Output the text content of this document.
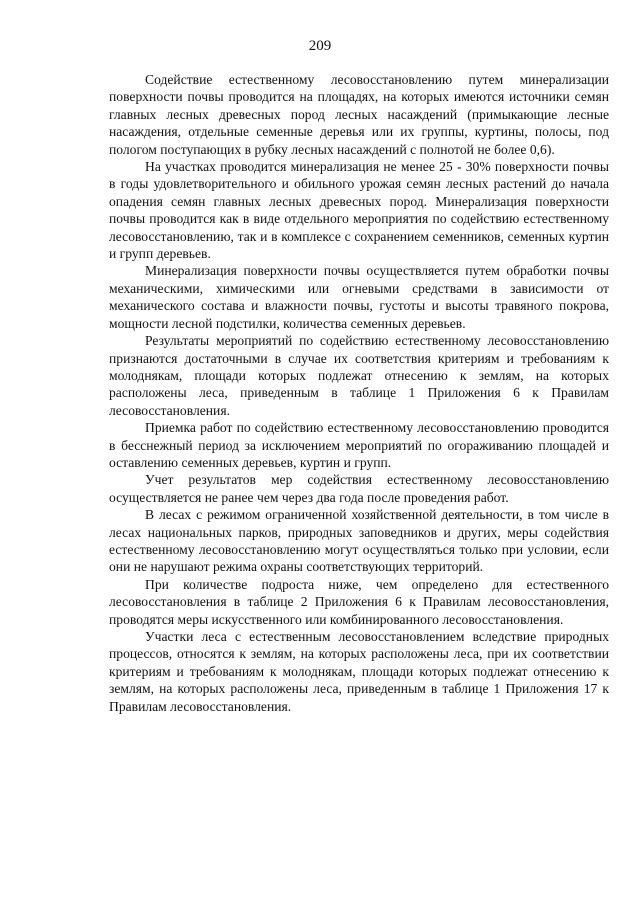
209

Содействие естественному лесовосстановлению путем минерализации поверхности почвы проводится на площадях, на которых имеются источники семян главных лесных древесных пород лесных насаждений (примыкающие лесные насаждения, отдельные семенные деревья или их группы, куртины, полосы, под пологом поступающих в рубку лесных насаждений с полнотой не более 0,6).

На участках проводится минерализация не менее 25 - 30% поверхности почвы в годы удовлетворительного и обильного урожая семян лесных растений до начала опадения семян главных лесных древесных пород. Минерализация поверхности почвы проводится как в виде отдельного мероприятия по содействию естественному лесовосстановлению, так и в комплексе с сохранением семенников, семенных куртин и групп деревьев.

Минерализация поверхности почвы осуществляется путем обработки почвы механическими, химическими или огневыми средствами в зависимости от механического состава и влажности почвы, густоты и высоты травяного покрова, мощности лесной подстилки, количества семенных деревьев.

Результаты мероприятий по содействию естественному лесовосстановлению признаются достаточными в случае их соответствия критериям и требованиям к молоднякам, площади которых подлежат отнесению к землям, на которых расположены леса, приведенным в таблице 1 Приложения 6 к Правилам лесовосстановления.

Приемка работ по содействию естественному лесовосстановлению проводится в бесснежный период за исключением мероприятий по огораживанию площадей и оставлению семенных деревьев, куртин и групп.

Учет результатов мер содействия естественному лесовосстановлению осуществляется не ранее чем через два года после проведения работ.

В лесах с режимом ограниченной хозяйственной деятельности, в том числе в лесах национальных парков, природных заповедников и других, меры содействия естественному лесовосстановлению могут осуществляться только при условии, если они не нарушают режима охраны соответствующих территорий.

При количестве подроста ниже, чем определено для естественного лесовосстановления в таблице 2 Приложения 6 к Правилам лесовосстановления, проводятся меры искусственного или комбинированного лесовосстановления.

Участки леса с естественным лесовосстановлением вследствие природных процессов, относятся к землям, на которых расположены леса, при их соответствии критериям и требованиям к молоднякам, площади которых подлежат отнесению к землям, на которых расположены леса, приведенным в таблице 1 Приложения 17 к Правилам лесовосстановления.
